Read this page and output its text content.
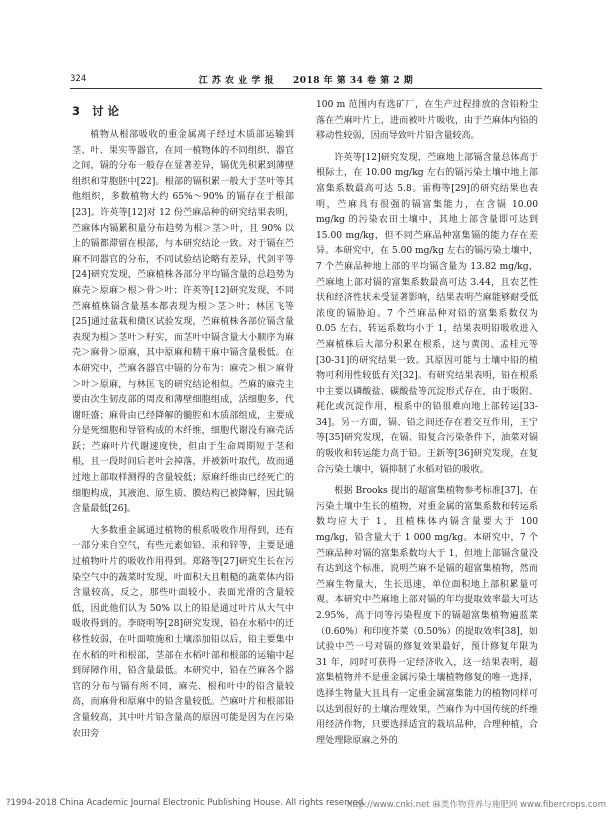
324	江 苏 农 业 学 报　　2018 年 第 34 卷 第 2 期
3 讨 论

植物从根部吸收的重金属离子经过木质部运输到茎、叶、果实等器官，在同一植物体的不同组织、器官之间，镉的分布一般存在显著差异，镉优先积累到薄壁组织和芽胞胚中[22]。根部的镉积累一般大于茎叶等其他组织，多数植物大约 65%～90% 的镉存在于根部[23]。许英等[12]对 12 份苎麻品种的研究结果表明，苎麻体内镉累积量分布趋势为根＞茎＞叶，且 90% 以上的镉都滞留在根部，与本研究结论一致。对于镉在苎麻不同器官的分布，不同试验结论略有差异，代剑平等[24]研究发现，苎麻植株各部分平均镉含量的总趋势为麻壳＞原麻＞根＞骨＞叶；许英等[12]研究发现，不同苎麻植株镉含量基本都表现为根＞茎＞叶；林匡飞等[25]通过盆栽和微区试验发现，苎麻植株各部位镉含量表现为根＞茎叶＞籽实，而茎叶中镉含量大小顺序为麻壳＞麻骨＞原麻，其中原麻和精干麻中镉含量极低。在本研究中，苎麻各器官中镉的分布为：麻壳＞根＞麻骨＞叶＞原麻，与林匡飞的研究结论相似。苎麻的麻壳主要由次生韧皮部的周皮和薄壁细胞组成，活细胞多，代谢旺盛；麻骨由已经降解的髓腔和木质部组成，主要成分是死细胞和导管构成的木纤维，细胞代谢没有麻壳活跃；苎麻叶片代谢速度快，但由于生命周期短于茎和根，且一段时间后老叶会掉落，并被新叶取代，故而通过地上部取样测得的含量较低；原麻纤维由已经死亡的细胞构成，其液泡、原生质、膜结构已被降解，因此镉含量最低[26]。

大多数重金属通过植物的根系吸收作用得到，还有一部分来自空气，有些元素如铅、汞和锌等，主要是通过植物叶片的吸收作用得到。郑路等[27]研究生长在污染空气中的蔬菜时发现，叶面积大且粗糙的蔬菜体内铅含量较高，反之，那些叶面较小、表面光滑的含量较低，因此他们认为 50% 以上的铅是通过叶片从大气中吸收得到的。李晓明等[28]研究发现，铅在水稻中的迁移性较弱，在叶面喷施和土壤添加铅以后，铅主要集中在水稻的叶和根部，茎部在水稻叶部和根部的运输中起到屏障作用，铅含量最低。本研究中，铅在苎麻各个器官的分布与镉有所不同，麻壳、根和叶中的铅含量较高，而麻骨和原麻中的铅含量较低。苎麻叶片和根部铅含量较高，其中叶片铅含量高的原因可能是因为在污染农田旁

100 m 范围内有选矿厂，在生产过程排放的含铅粉尘落在苎麻叶片上，进而被叶片吸收，由于苎麻体内铅的移动性较弱，因而导致叶片铅含量较高。

许英等[12]研究发现，苎麻地上部镉含量总体高于根际土，在 10.00 mg/kg 左右的镉污染土壤中地上部富集系数最高可达 5.8。雷梅等[29]的研究结果也表明，苎麻具有很强的镉富集能力，在含镉 10.00 mg/kg 的污染农田土壤中，其地上部含量即可达到 15.00 mg/kg，但不同苎麻品种富集镉的能力存在差异。本研究中，在 5.00 mg/kg 左右的镉污染土壤中，7 个苎麻品种地上部的平均镉含量为 13.82 mg/kg，苎麻地上部对镉的富集系数最高可达 3.44，且农艺性状和经济性状未受显著影响，结果表明苎麻能够耐受低浓度的镉胁迫。7 个苎麻品种对铅的富集系数仅为 0.05 左右，转运系数均小于 1，结果表明铅吸收进入苎麻植株后大部分积累在根系，这与黄闺、孟桂元等[30-31]的研究结果一致。其原因可能与土壤中铅的植物可利用性较低有关[32]。有研究结果表明，铅在根系中主要以磷酸盐、碳酸盐等沉淀形式存在，由于吸附、耗化或沉淀作用，根系中的铅很难向地上部转运[33-34]。另一方面，镉、铅之间还存在着交互作用，王宁等[35]研究发现，在镉、铅复合污染条件下，油菜对镉的吸收和转运能力高于铅。王新等[36]研究发现，在复合污染土壤中，镉抑制了水稻对铅的吸收。

根据 Brooks 提出的超富集植物参考标准[37]，在污染土壤中生长的植物，对重金属的富集系数和转运系数均应大于 1，且植株体内镉含量要大于 100 mg/kg，铅含量大于 1 000 mg/kg。本研究中，7 个苎麻品种对镉的富集系数均大于 1，但地上部镉含量没有达到这个标准，说明苎麻不是镉的超富集植物，然而苎麻生物量大，生长迅速，单位面积地上部积累量可观。本研究中苎麻地上部对镉的年均提取效率最大可达 2.95%，高于同等污染程度下的镉超富集植物遍蓝菜（0.60%）和印度芥菜（0.50%）的提取效率[38]，如试验中苎一号对镉的修复效果最好，预计修复年限为 31 年，同时可获得一定经济收入，这一结果表明，超富集植物并不是重金属污染土壤植物修复的唯一选择，选择生物量大且具有一定重金属富集能力的植物同样可以达到很好的土壤治理效果，苎麻作为中国传统的纤维用经济作物，只要选择适宜的栽培品种，合理种植，合理处理除原麻之外的

?1994-2018 China Academic Journal Electronic Publishing House. All rights reserved.
http://www.cnki.net 麻类作物营养与施肥网 www.fibercrops.com
